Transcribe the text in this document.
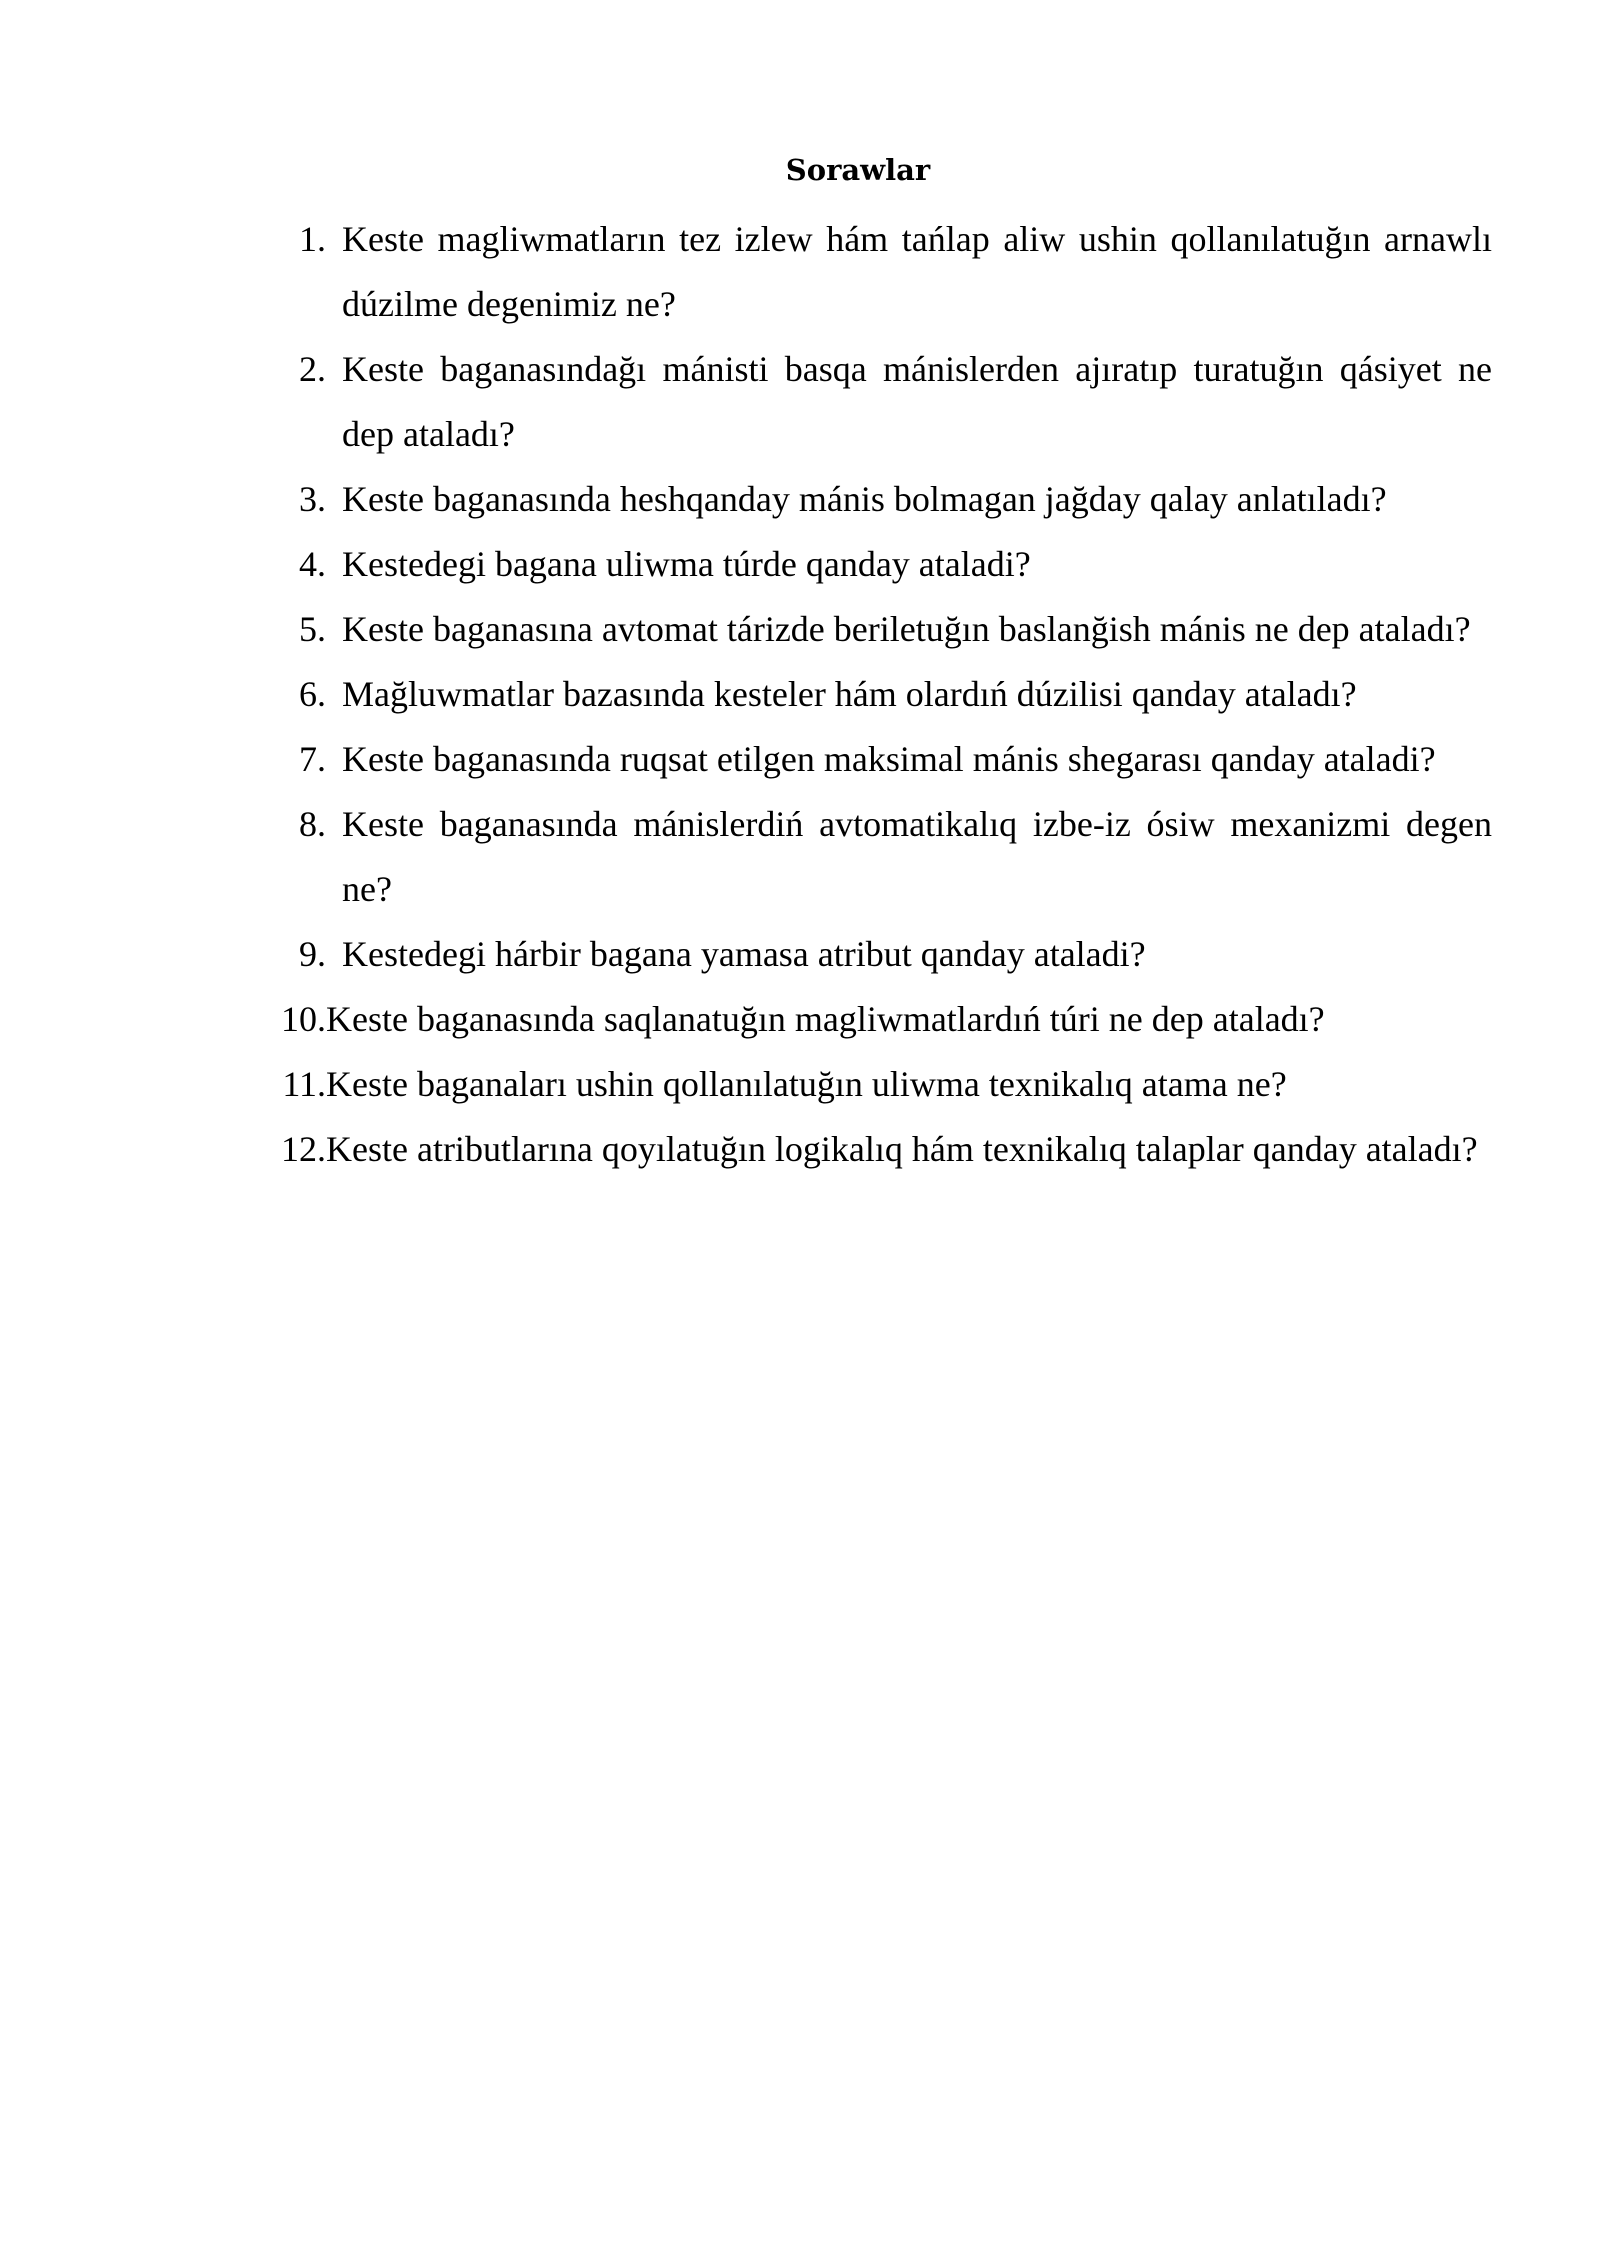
Sorawlar
1. Keste magliwmatların tez izlew hám tańlap aliw ushin qollanılatuğın arnawlı dúzilme degenimiz ne?
2. Keste baganasındağı mánisti basqa mánislerden ajıratıp turatuğın qásiyet ne dep ataladı?
3. Keste baganasında heshqanday mánis bolmagan jağday qalay anlatıladı?
4. Kestedegi bagana uliwma túrde qanday ataladi?
5. Keste baganasına avtomat tárizde beriletuğın baslanğish mánis ne dep ataladı?
6. Mağluwmatlar bazasında kesteler hám olardıń dúzilisi qanday ataladı?
7. Keste baganasında ruqsat etilgen maksimal mánis shegarası qanday ataladi?
8. Keste baganasında mánislerdiń avtomatikalıq izbe-iz ósiw mexanizmi degen ne?
9. Kestedegi hárbir bagana yamasa atribut qanday ataladi?
10. Keste baganasında saqlanatuğın magliwmatlardıń túri ne dep ataladı?
11. Keste baganaları ushin qollanılatuğın uliwma texnikalıq atama ne?
12. Keste atributlarına qoyılatuğın logikalıq hám texnikalıq talaplar qanday ataladı?
